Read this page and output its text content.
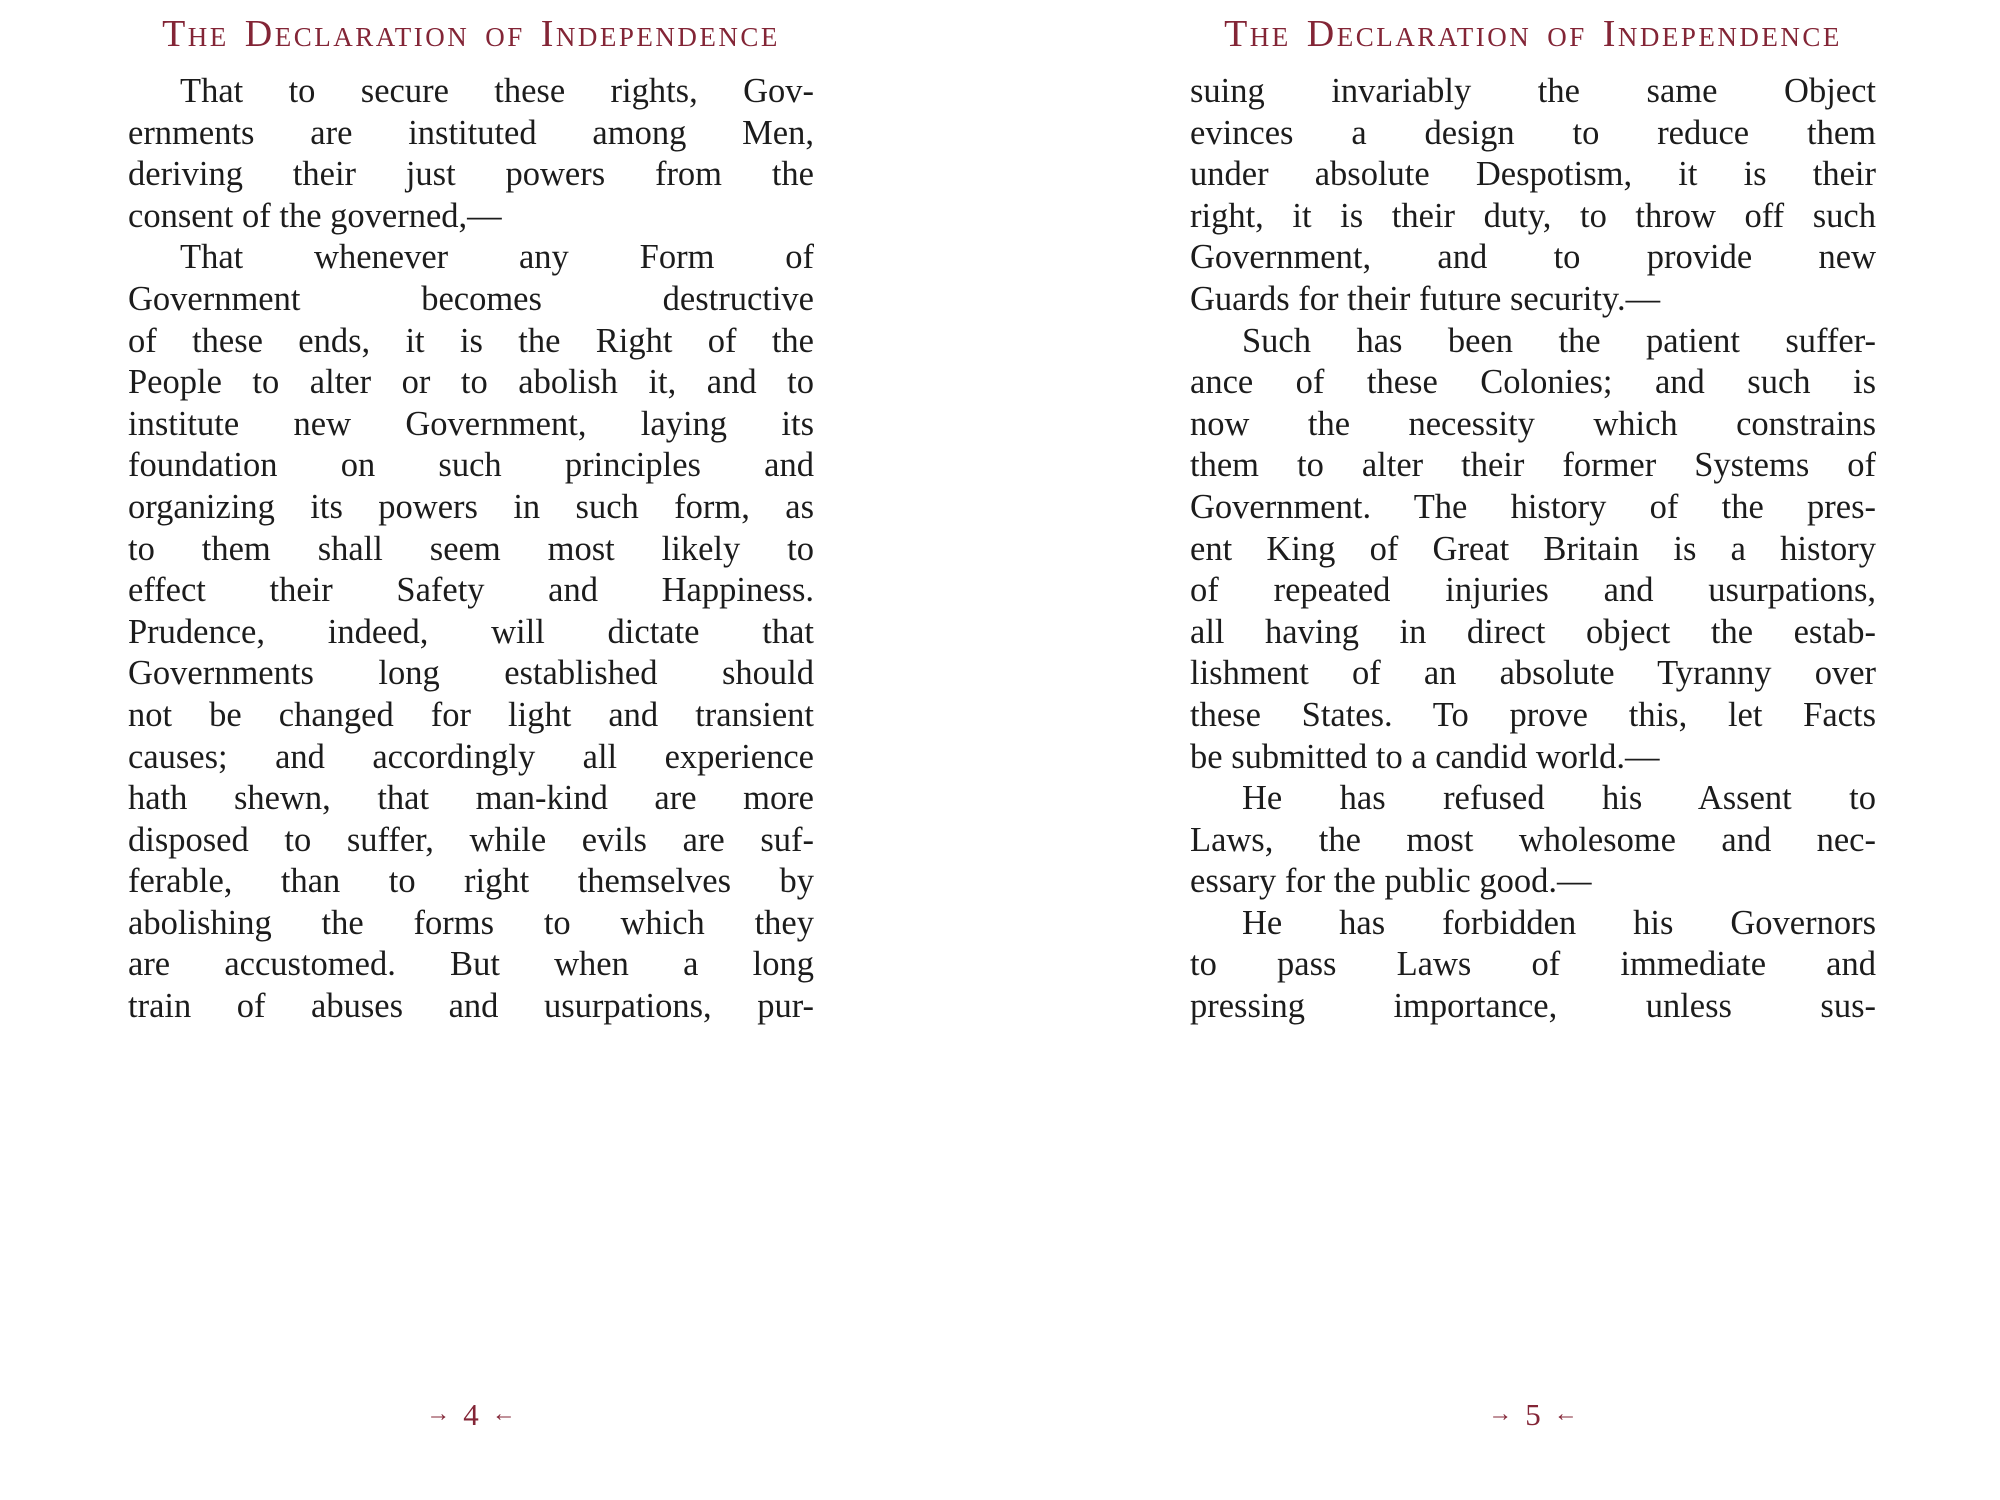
The Declaration of Independence
That to secure these rights, Gov-
ernments are instituted among Men,
deriving their just powers from the
consent of the governed,—
That whenever any Form of
Government becomes destructive
of these ends, it is the Right of the
People to alter or to abolish it, and to
institute new Government, laying its
foundation on such principles and
organizing its powers in such form, as
to them shall seem most likely to
effect their Safety and Happiness.
Prudence, indeed, will dictate that
Governments long established should
not be changed for light and transient
causes; and accordingly all experience
hath shewn, that man-kind are more
disposed to suffer, while evils are suf-
ferable, than to right themselves by
abolishing the forms to which they
are accustomed. But when a long
train of abuses and usurpations, pur-
→ 4 ←
The Declaration of Independence
suing invariably the same Object
evinces a design to reduce them
under absolute Despotism, it is their
right, it is their duty, to throw off such
Government, and to provide new
Guards for their future security.—
Such has been the patient suffer-
ance of these Colonies; and such is
now the necessity which constrains
them to alter their former Systems of
Government. The history of the pres-
ent King of Great Britain is a history
of repeated injuries and usurpations,
all having in direct object the estab-
lishment of an absolute Tyranny over
these States. To prove this, let Facts
be submitted to a candid world.—
He has refused his Assent to
Laws, the most wholesome and nec-
essary for the public good.—
He has forbidden his Governors
to pass Laws of immediate and
pressing importance, unless sus-
→ 5 ←
